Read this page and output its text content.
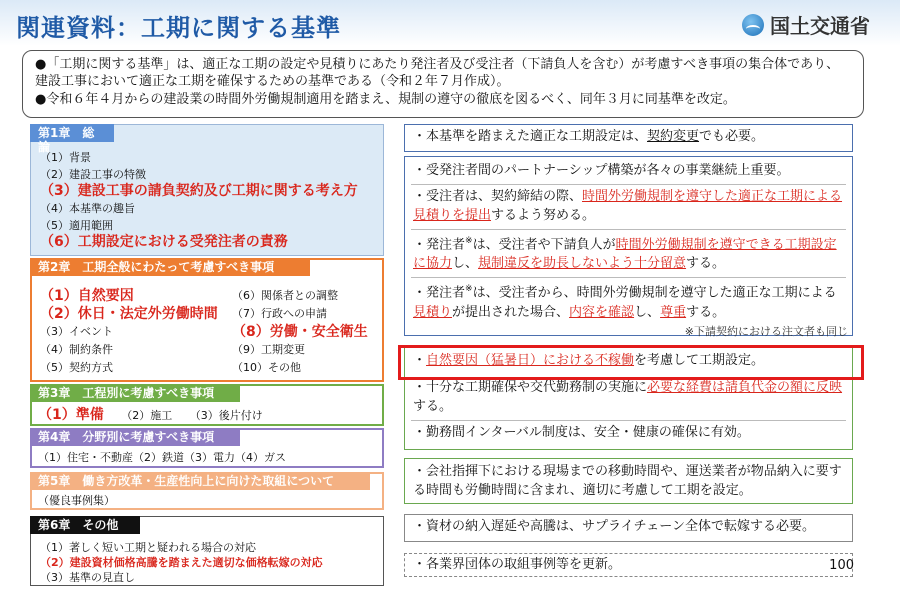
関連資料：工期に関する基準	国土交通省

●「工期に関する基準」は、適正な工期の設定や見積りにあたり発注者及び受注者（下請負人を含む）が考慮すべき事項の集合体であり、建設工事において適正な工期を確保するための基準である（令和２年７月作成）。

●令和６年４月からの建設業の時間外労働規制適用を踏まえ、規制の遵守の徹底を図るべく、同年３月に同基準を改定。

第1章　総論
（1）背景
（2）建設工事の特徴
（3）建設工事の請負契約及び工期に関する考え方
（4）本基準の趣旨
（5）適用範囲
（6）工期設定における受発注者の責務
第2章　工期全般にわたって考慮すべき事項
（1）自然要因
（2）休日・法定外労働時間
（3）イベント
（4）制約条件
（5）契約方式
（6）関係者との調整
（7）行政への申請
（8）労働・安全衛生
（9）工期変更
（10）その他
第3章　工程別に考慮すべき事項
（1）準備 （2）施工 （3）後片付け
第4章　分野別に考慮すべき事項
（1）住宅・不動産（2）鉄道（3）電力（4）ガス
第5章　働き方改革・生産性向上に向けた取組について
（優良事例集）
第6章　その他
（1）著しく短い工期と疑われる場合の対応
（2）建設資材価格高騰を踏まえた適切な価格転嫁の対応
（3）基準の見直し
・本基準を踏まえた適正な工期設定は、契約変更でも必要。
・受発注者間のパートナーシップ構築が各々の事業継続上重要。
・受注者は、契約締結の際、時間外労働規制を遵守した適正な工期による見積りを提出するよう努める。
・発注者※は、受注者や下請負人が時間外労働規制を遵守できる工期設定に協力し、規制違反を助長しないよう十分留意する。
・発注者※は、受注者から、時間外労働規制を遵守した適正な工期による見積りが提出された場合、内容を確認し、尊重する。
※下請契約における注文者も同じ
・自然要因（猛暑日）における不稼働を考慮して工期設定。
・十分な工期確保や交代勤務制の実施に必要な経費は請負代金の額に反映する。
・勤務間インターバル制度は、安全・健康の確保に有効。
・会社指揮下における現場までの移動時間や、運送業者が物品納入に要する時間も労働時間に含まれ、適切に考慮して工期を設定。
・資材の納入遅延や高騰は、サプライチェーン全体で転嫁する必要。
・各業界団体の取組事例等を更新。	100
